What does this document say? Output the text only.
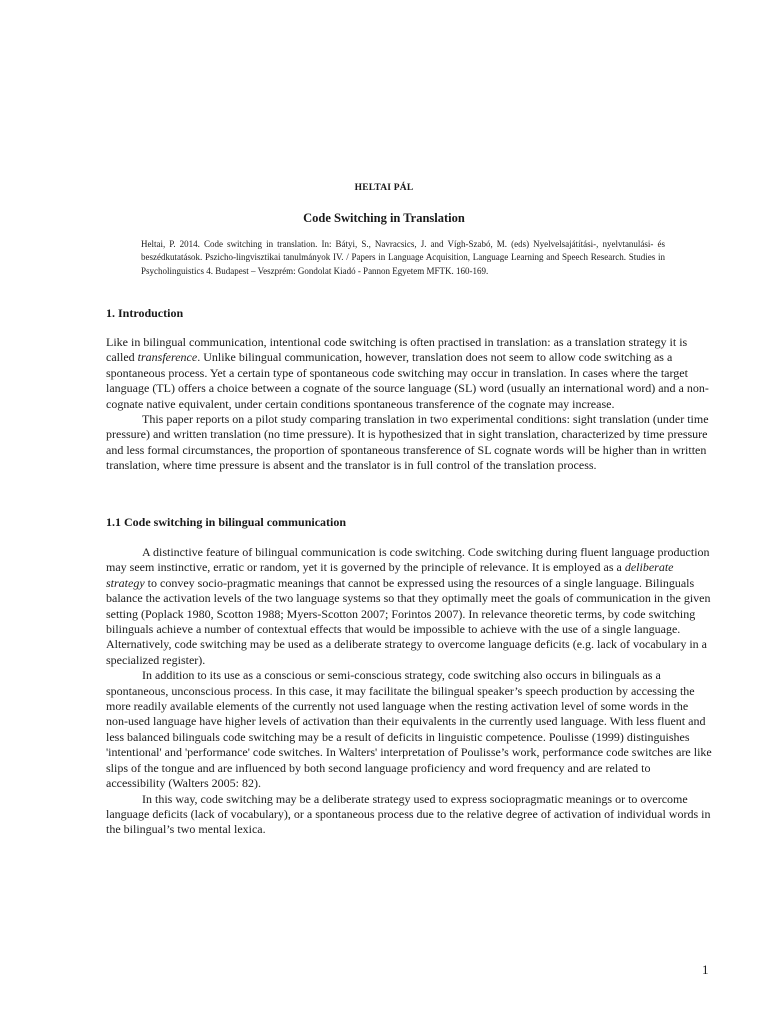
HELTAI PÁL
Code Switching in Translation

Heltai, P. 2014. Code switching in translation. In: Bátyi, S., Navracsics, J. and Vígh-Szabó, M. (eds) Nyelvelsajátítási-, nyelvtanulási- és beszédkutatások. Pszicho-lingvisztikai tanulmányok IV. / Papers in Language Acquisition, Language Learning and Speech Research. Studies in Psycholinguistics 4. Budapest – Veszprém: Gondolat Kiadó - Pannon Egyetem MFTK. 160-169.

1. Introduction

Like in bilingual communication, intentional code switching is often practised in translation: as a translation strategy it is called transference. Unlike bilingual communication, however, translation does not seem to allow code switching as a spontaneous process. Yet a certain type of spontaneous code switching may occur in translation. In cases where the target language (TL) offers a choice between a cognate of the source language (SL) word (usually an international word) and a non-cognate native equivalent, under certain conditions spontaneous transference of the cognate may increase.

This paper reports on a pilot study comparing translation in two experimental conditions: sight translation (under time pressure) and written translation (no time pressure). It is hypothesized that in sight translation, characterized by time pressure and less formal circumstances, the proportion of spontaneous transference of SL cognate words will be higher than in written translation, where time pressure is absent and the translator is in full control of the translation process.

1.1 Code switching in bilingual communication

A distinctive feature of bilingual communication is code switching. Code switching during fluent language production may seem instinctive, erratic or random, yet it is governed by the principle of relevance. It is employed as a deliberate strategy to convey socio-pragmatic meanings that cannot be expressed using the resources of a single language. Bilinguals balance the activation levels of the two language systems so that they optimally meet the goals of communication in the given setting (Poplack 1980, Scotton 1988; Myers-Scotton 2007; Forintos 2007). In relevance theoretic terms, by code switching bilinguals achieve a number of contextual effects that would be impossible to achieve with the use of a single language. Alternatively, code switching may be used as a deliberate strategy to overcome language deficits (e.g. lack of vocabulary in a specialized register).

In addition to its use as a conscious or semi-conscious strategy, code switching also occurs in bilinguals as a spontaneous, unconscious process. In this case, it may facilitate the bilingual speaker’s speech production by accessing the more readily available elements of the currently not used language when the resting activation level of some words in the non-used language have higher levels of activation than their equivalents in the currently used language. With less fluent and less balanced bilinguals code switching may be a result of deficits in linguistic competence. Poulisse (1999) distinguishes 'intentional' and 'performance' code switches. In Walters' interpretation of Poulisse’s work, performance code switches are like slips of the tongue and are influenced by both second language proficiency and word frequency and are related to accessibility (Walters 2005: 82).

In this way, code switching may be a deliberate strategy used to express sociopragmatic meanings or to overcome language deficits (lack of vocabulary), or a spontaneous process due to the relative degree of activation of individual words in the bilingual’s two mental lexica.

1
